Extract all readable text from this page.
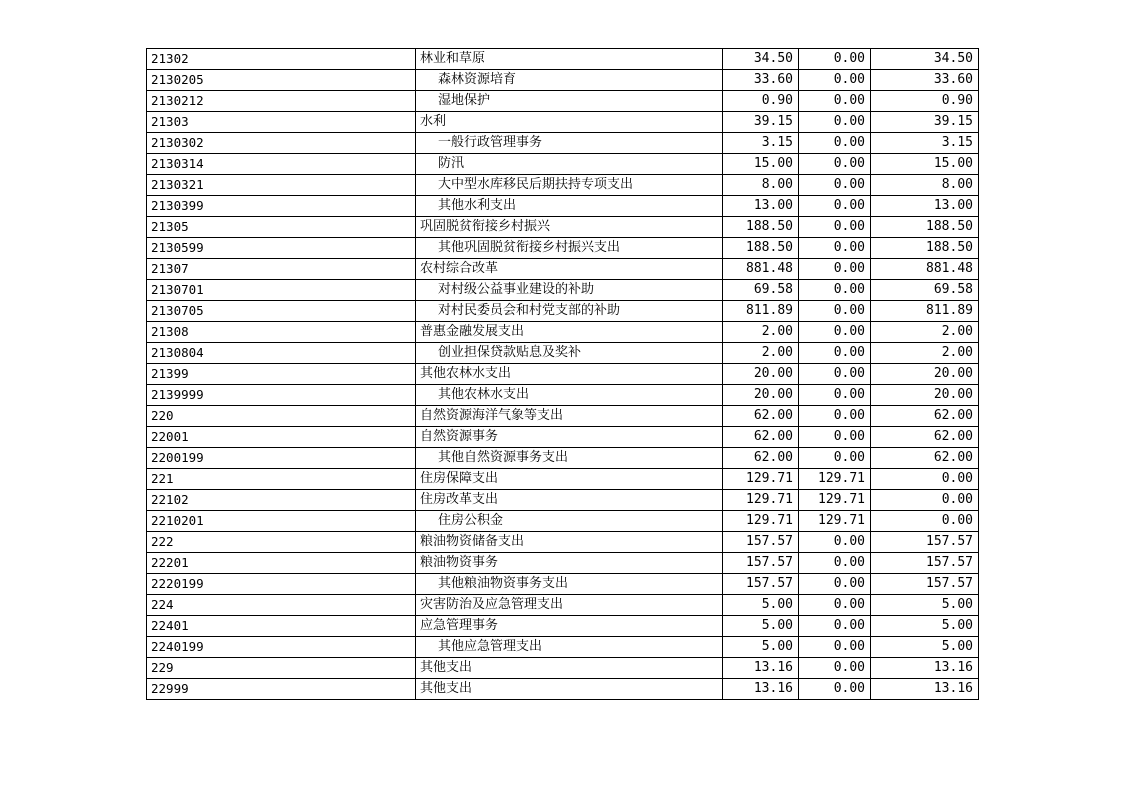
21302	林业和草原	34.50	0.00	34.50
2130205	森林资源培育	33.60	0.00	33.60
2130212	湿地保护	0.90	0.00	0.90
21303	水利	39.15	0.00	39.15
2130302	一般行政管理事务	3.15	0.00	3.15
2130314	防汛	15.00	0.00	15.00
2130321	大中型水库移民后期扶持专项支出	8.00	0.00	8.00
2130399	其他水利支出	13.00	0.00	13.00
21305	巩固脱贫衔接乡村振兴	188.50	0.00	188.50
2130599	其他巩固脱贫衔接乡村振兴支出	188.50	0.00	188.50
21307	农村综合改革	881.48	0.00	881.48
2130701	对村级公益事业建设的补助	69.58	0.00	69.58
2130705	对村民委员会和村党支部的补助	811.89	0.00	811.89
21308	普惠金融发展支出	2.00	0.00	2.00
2130804	创业担保贷款贴息及奖补	2.00	0.00	2.00
21399	其他农林水支出	20.00	0.00	20.00
2139999	其他农林水支出	20.00	0.00	20.00
220	自然资源海洋气象等支出	62.00	0.00	62.00
22001	自然资源事务	62.00	0.00	62.00
2200199	其他自然资源事务支出	62.00	0.00	62.00
221	住房保障支出	129.71	129.71	0.00
22102	住房改革支出	129.71	129.71	0.00
2210201	住房公积金	129.71	129.71	0.00
222	粮油物资储备支出	157.57	0.00	157.57
22201	粮油物资事务	157.57	0.00	157.57
2220199	其他粮油物资事务支出	157.57	0.00	157.57
224	灾害防治及应急管理支出	5.00	0.00	5.00
22401	应急管理事务	5.00	0.00	5.00
2240199	其他应急管理支出	5.00	0.00	5.00
229	其他支出	13.16	0.00	13.16
22999	其他支出	13.16	0.00	13.16
